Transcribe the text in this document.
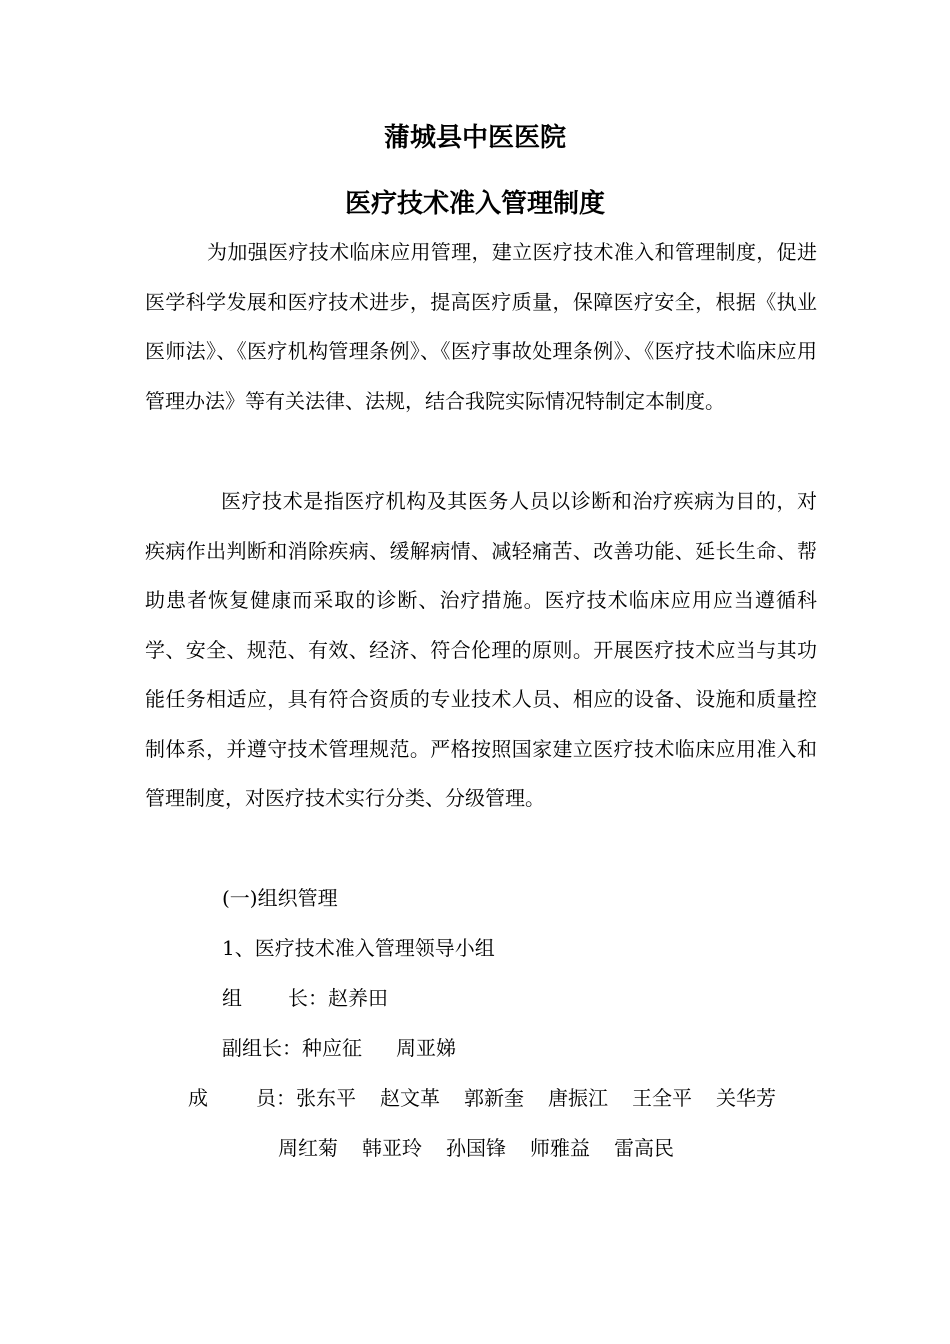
蒲城县中医医院
医疗技术准入管理制度

为加强医疗技术临床应用管理，建立医疗技术准入和管理制度，促进医学科学发展和医疗技术进步，提高医疗质量，保障医疗安全，根据《执业医师法》、《医疗机构管理条例》、《医疗事故处理条例》、《医疗技术临床应用管理办法》等有关法律、法规，结合我院实际情况特制定本制度。

医疗技术是指医疗机构及其医务人员以诊断和治疗疾病为目的，对疾病作出判断和消除疾病、缓解病情、减轻痛苦、改善功能、延长生命、帮助患者恢复健康而采取的诊断、治疗措施。医疗技术临床应用应当遵循科学、安全、规范、有效、经济、符合伦理的原则。开展医疗技术应当与其功能任务相适应，具有符合资质的专业技术人员、相应的设备、设施和质量控制体系，并遵守技术管理规范。严格按照国家建立医疗技术临床应用准入和管理制度，对医疗技术实行分类、分级管理。

(一)组织管理
1、医疗技术准入管理领导小组
组 长：赵养田
副组长：种应征 周亚娣
成 员：张东平 赵文革 郭新奎 唐振江 王全平 关华芳
周红菊 韩亚玲 孙国锋 师雅益 雷高民
